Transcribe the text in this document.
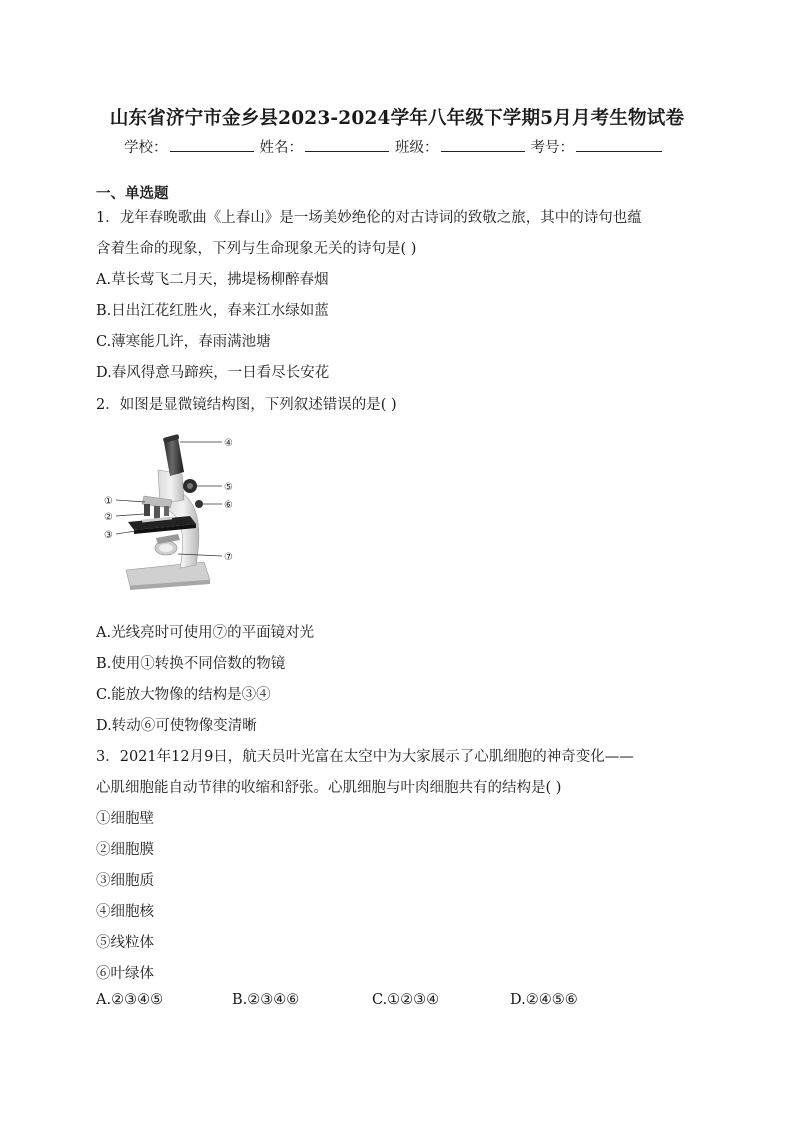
山东省济宁市金乡县2023-2024学年八年级下学期5月月考生物试卷
学校：	姓名：	班级：	考号：
一、单选题
1．龙年春晚歌曲《上春山》是一场美妙绝伦的对古诗词的致敬之旅，其中的诗句也蕴
含着生命的现象，下列与生命现象无关的诗句是( )
A.草长莺飞二月天，拂堤杨柳醉春烟
B.日出江花红胜火，春来江水绿如蓝
C.薄寒能几许，春雨满池塘
D.春风得意马蹄疾，一日看尽长安花
2．如图是显微镜结构图，下列叙述错误的是( )
④
⑤
⑥
①
②
③
⑦
A.光线亮时可使用⑦的平面镜对光
B.使用①转换不同倍数的物镜
C.能放大物像的结构是③④
D.转动⑥可使物像变清晰
3．2021年12月9日，航天员叶光富在太空中为大家展示了心肌细胞的神奇变化——
心肌细胞能自动节律的收缩和舒张。心肌细胞与叶肉细胞共有的结构是( )
①细胞壁
②细胞膜
③细胞质
④细胞核
⑤线粒体
⑥叶绿体
A.②③④⑤	B.②③④⑥	C.①②③④	D.②④⑤⑥
